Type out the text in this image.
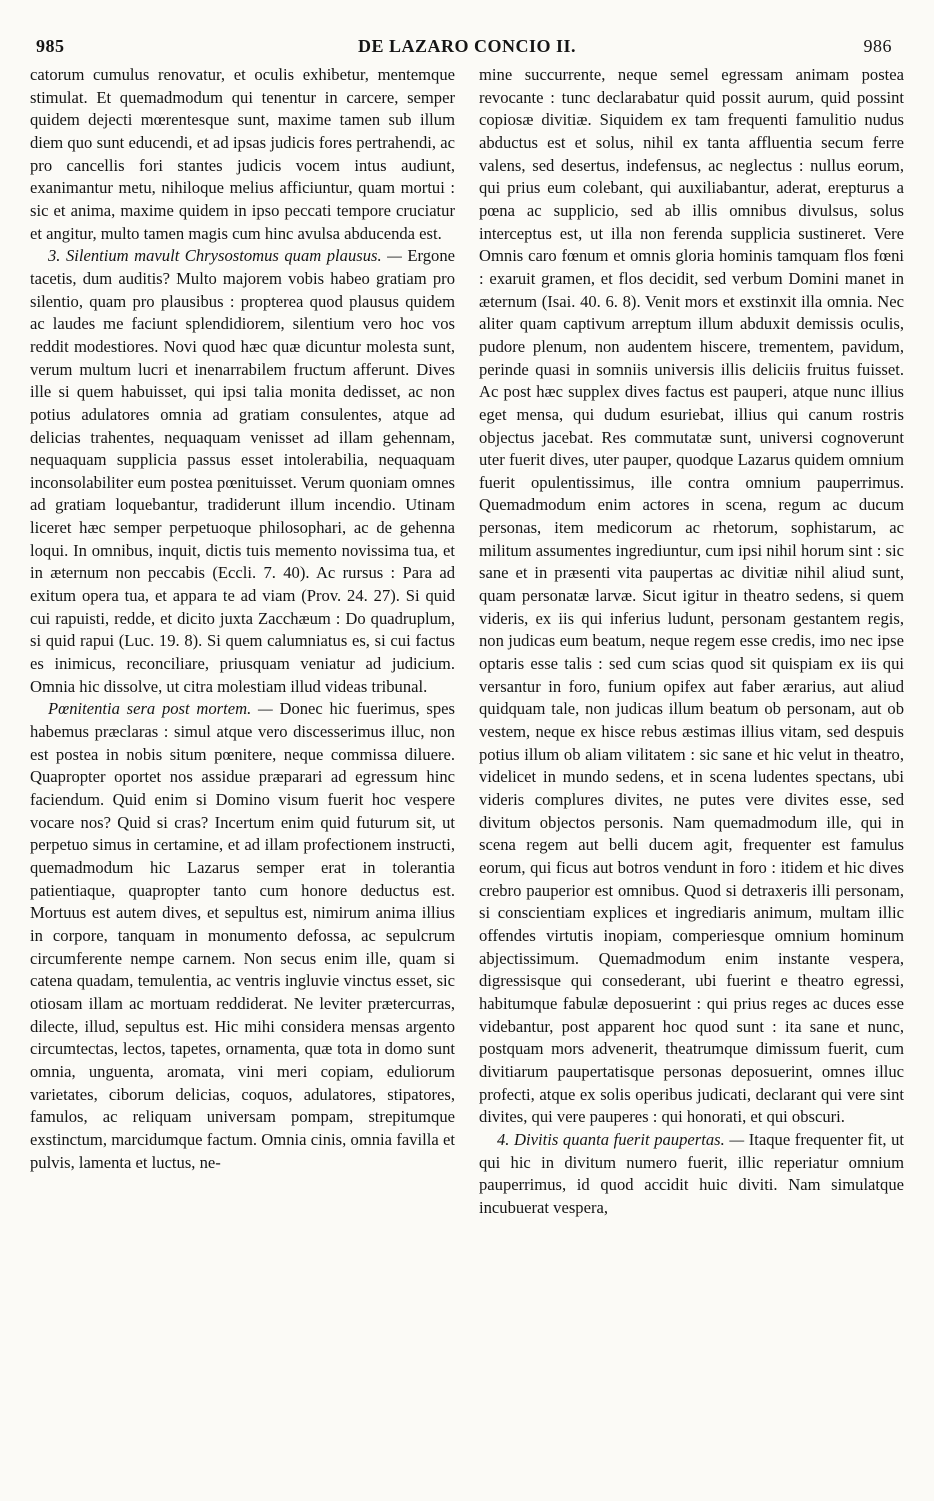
985	DE LAZARO CONCIO II.	986

catorum cumulus renovatur, et oculis exhibetur, mentemque stimulat. Et quemadmodum qui tenentur in carcere, semper quidem dejecti mœrentesque sunt, maxime tamen sub illum diem quo sunt educendi, et ad ipsas judicis fores pertrahendi, ac pro cancellis fori stantes judicis vocem intus audiunt, exanimantur metu, nihiloque melius afficiuntur, quam mortui : sic et anima, maxime quidem in ipso peccati tempore cruciatur et angitur, multo tamen magis cum hinc avulsa abducenda est.

3. Silentium mavult Chrysostomus quam plausus. — Ergone tacetis, dum auditis? Multo majorem vobis habeo gratiam pro silentio, quam pro plausibus : propterea quod plausus quidem ac laudes me faciunt splendidiorem, silentium vero hoc vos reddit modestiores. Novi quod hæc quæ dicuntur molesta sunt, verum multum lucri et inenarrabilem fructum afferunt. Dives ille si quem habuisset, qui ipsi talia monita dedisset, ac non potius adulatores omnia ad gratiam consulentes, atque ad delicias trahentes, nequaquam venisset ad illam gehennam, nequaquam supplicia passus esset intolerabilia, nequaquam inconsolabiliter eum postea pœnituisset. Verum quoniam omnes ad gratiam loquebantur, tradiderunt illum incendio. Utinam liceret hæc semper perpetuoque philosophari, ac de gehenna loqui. In omnibus, inquit, dictis tuis memento novissima tua, et in æternum non peccabis (Eccli. 7. 40). Ac rursus : Para ad exitum opera tua, et appara te ad viam (Prov. 24. 27). Si quid cui rapuisti, redde, et dicito juxta Zacchæum : Do quadruplum, si quid rapui (Luc. 19. 8). Si quem calumniatus es, si cui factus es inimicus, reconciliare, priusquam veniatur ad judicium. Omnia hic dissolve, ut citra molestiam illud videas tribunal.

Pœnitentia sera post mortem. — Donec hic fuerimus, spes habemus præclaras : simul atque vero discesserimus illuc, non est postea in nobis situm pœnitere, neque commissa diluere. Quapropter oportet nos assidue præparari ad egressum hinc faciendum. Quid enim si Domino visum fuerit hoc vespere vocare nos? Quid si cras? Incertum enim quid futurum sit, ut perpetuo simus in certamine, et ad illam profectionem instructi, quemadmodum hic Lazarus semper erat in tolerantia patientiaque, quapropter tanto cum honore deductus est. Mortuus est autem dives, et sepultus est, nimirum anima illius in corpore, tanquam in monumento defossa, ac sepulcrum circumferente nempe carnem. Non secus enim ille, quam si catena quadam, temulentia, ac ventris ingluvie vinctus esset, sic otiosam illam ac mortuam reddiderat. Ne leviter prætercurras, dilecte, illud, sepultus est. Hic mihi considera mensas argento circumtectas, lectos, tapetes, ornamenta, quæ tota in domo sunt omnia, unguenta, aromata, vini meri copiam, eduliorum varietates, ciborum delicias, coquos, adulatores, stipatores, famulos, ac reliquam universam pompam, strepitumque exstinctum, marcidumque factum. Omnia cinis, omnia favilla et pulvis, lamenta et luctus, ne-

mine succurrente, neque semel egressam animam postea revocante : tunc declarabatur quid possit aurum, quid possint copiosæ divitiæ. Siquidem ex tam frequenti famulitio nudus abductus est et solus, nihil ex tanta affluentia secum ferre valens, sed desertus, indefensus, ac neglectus : nullus eorum, qui prius eum colebant, qui auxiliabantur, aderat, erepturus a pœna ac supplicio, sed ab illis omnibus divulsus, solus interceptus est, ut illa non ferenda supplicia sustineret. Vere Omnis caro fœnum et omnis gloria hominis tamquam flos fœni : exaruit gramen, et flos decidit, sed verbum Domini manet in æternum (Isai. 40. 6. 8). Venit mors et exstinxit illa omnia. Nec aliter quam captivum arreptum illum abduxit demissis oculis, pudore plenum, non audentem hiscere, trementem, pavidum, perinde quasi in somniis universis illis deliciis fruitus fuisset. Ac post hæc supplex dives factus est pauperi, atque nunc illius eget mensa, qui dudum esuriebat, illius qui canum rostris objectus jacebat. Res commutatæ sunt, universi cognoverunt uter fuerit dives, uter pauper, quodque Lazarus quidem omnium fuerit opulentissimus, ille contra omnium pauperrimus. Quemadmodum enim actores in scena, regum ac ducum personas, item medicorum ac rhetorum, sophistarum, ac militum assumentes ingrediuntur, cum ipsi nihil horum sint : sic sane et in præsenti vita paupertas ac divitiæ nihil aliud sunt, quam personatæ larvæ. Sicut igitur in theatro sedens, si quem videris, ex iis qui inferius ludunt, personam gestantem regis, non judicas eum beatum, neque regem esse credis, imo nec ipse optaris esse talis : sed cum scias quod sit quispiam ex iis qui versantur in foro, funium opifex aut faber ærarius, aut aliud quidquam tale, non judicas illum beatum ob personam, aut ob vestem, neque ex hisce rebus æstimas illius vitam, sed despuis potius illum ob aliam vilitatem : sic sane et hic velut in theatro, videlicet in mundo sedens, et in scena ludentes spectans, ubi videris complures divites, ne putes vere divites esse, sed divitum objectos personis. Nam quemadmodum ille, qui in scena regem aut belli ducem agit, frequenter est famulus eorum, qui ficus aut botros vendunt in foro : itidem et hic dives crebro pauperior est omnibus. Quod si detraxeris illi personam, si conscientiam explices et ingrediaris animum, multam illic offendes virtutis inopiam, comperiesque omnium hominum abjectissimum. Quemadmodum enim instante vespera, digressisque qui consederant, ubi fuerint e theatro egressi, habitumque fabulæ deposuerint : qui prius reges ac duces esse videbantur, post apparent hoc quod sunt : ita sane et nunc, postquam mors advenerit, theatrumque dimissum fuerit, cum divitiarum paupertatisque personas deposuerint, omnes illuc profecti, atque ex solis operibus judicati, declarant qui vere sint divites, qui vere pauperes : qui honorati, et qui obscuri.

4. Divitis quanta fuerit paupertas. — Itaque frequenter fit, ut qui hic in divitum numero fuerit, illic reperiatur omnium pauperrimus, id quod accidit huic diviti. Nam simulatque incubuerat vespera,
